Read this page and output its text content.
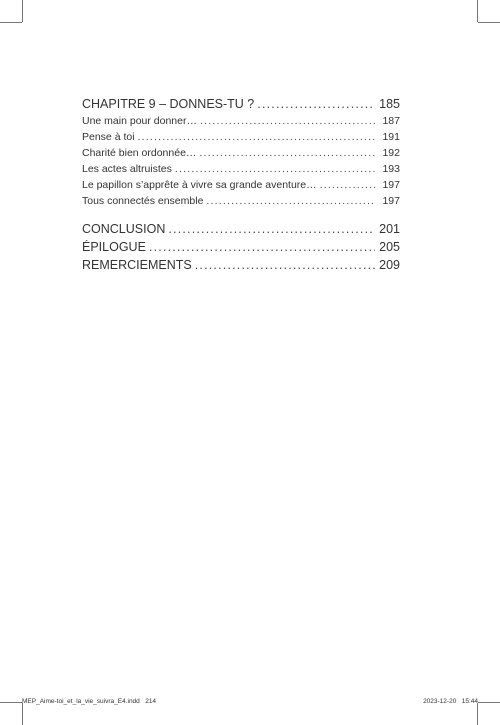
CHAPITRE 9 – DONNES-TU ? .....	185
Une main pour donner… .....	187
Pense à toi .....	191
Charité bien ordonnée… .....	192
Les actes altruistes .....	193
Le papillon s’apprête à vivre sa grande aventure… .....	197
Tous connectés ensemble .....	197
CONCLUSION .....	201
ÉPILOGUE .....	205
REMERCIEMENTS .....	209
MEP_Aime-toi_et_la_vie_suivra_E4.indd   214	2023-12-20   15:44
